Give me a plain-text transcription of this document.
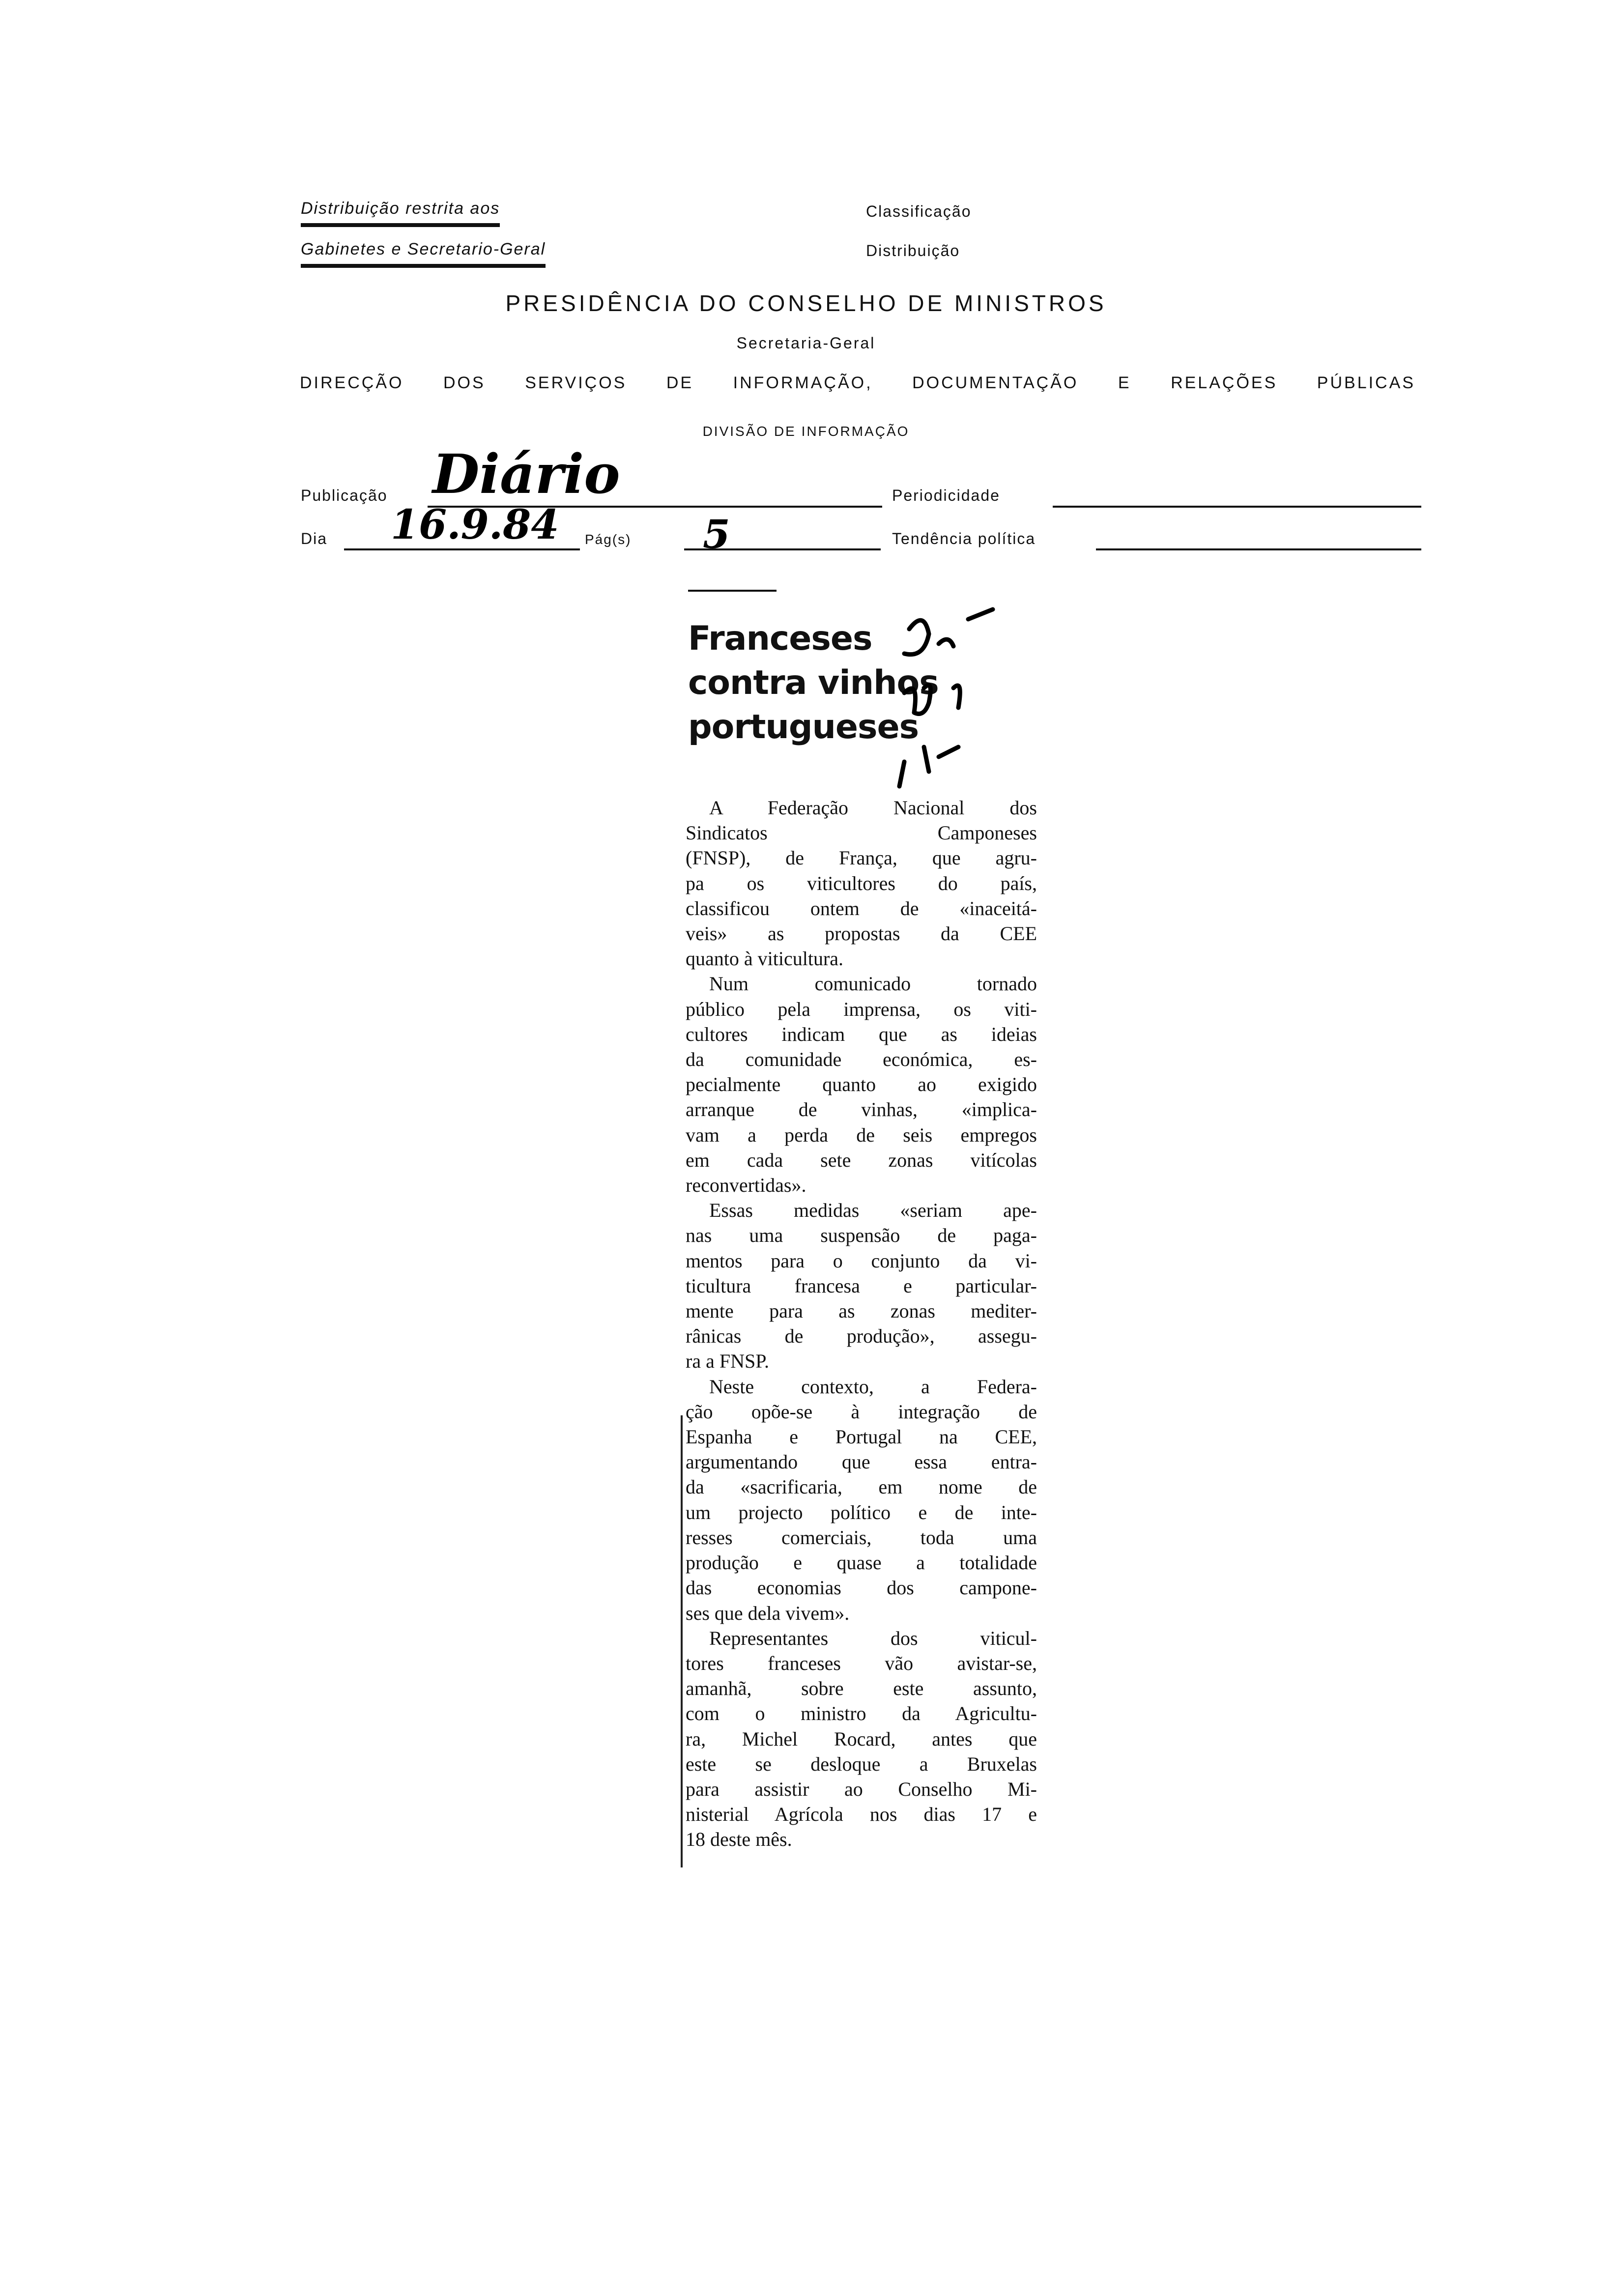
Distribuição restrita aos
Gabinetes e Secretario-Geral
Classificação
Distribuição
PRESIDÊNCIA DO CONSELHO DE MINISTROS
Secretaria-Geral
DIRECÇÃO DOS SERVIÇOS DE INFORMAÇÃO, DOCUMENTAÇÃO E RELAÇÕES PÚBLICAS
DIVISÃO DE INFORMAÇÃO
Publicação Diário	Periodicidade
Dia 16.9.84 Pág(s) 5	Tendência política
Franceses
contra vinhos
portugueses
A Federação Nacional dos
Sindicatos Camponeses
(FNSP), de França, que agru-
pa os viticultores do país,
classificou ontem de «inaceitá-
veis» as propostas da CEE
quanto à viticultura.
Num comunicado tornado
público pela imprensa, os viti-
cultores indicam que as ideias
da comunidade económica, es-
pecialmente quanto ao exigido
arranque de vinhas, «implica-
vam a perda de seis empregos
em cada sete zonas vitícolas
reconvertidas».
Essas medidas «seriam ape-
nas uma suspensão de paga-
mentos para o conjunto da vi-
ticultura francesa e particular-
mente para as zonas mediter-
rânicas de produção», assegu-
ra a FNSP.
Neste contexto, a Federa-
ção opõe-se à integração de
Espanha e Portugal na CEE,
argumentando que essa entra-
da «sacrificaria, em nome de
um projecto político e de inte-
resses comerciais, toda uma
produção e quase a totalidade
das economias dos campone-
ses que dela vivem».
Representantes dos viticul-
tores franceses vão avistar-se,
amanhã, sobre este assunto,
com o ministro da Agricultu-
ra, Michel Rocard, antes que
este se desloque a Bruxelas
para assistir ao Conselho Mi-
nisterial Agrícola nos dias 17 e
18 deste mês.
